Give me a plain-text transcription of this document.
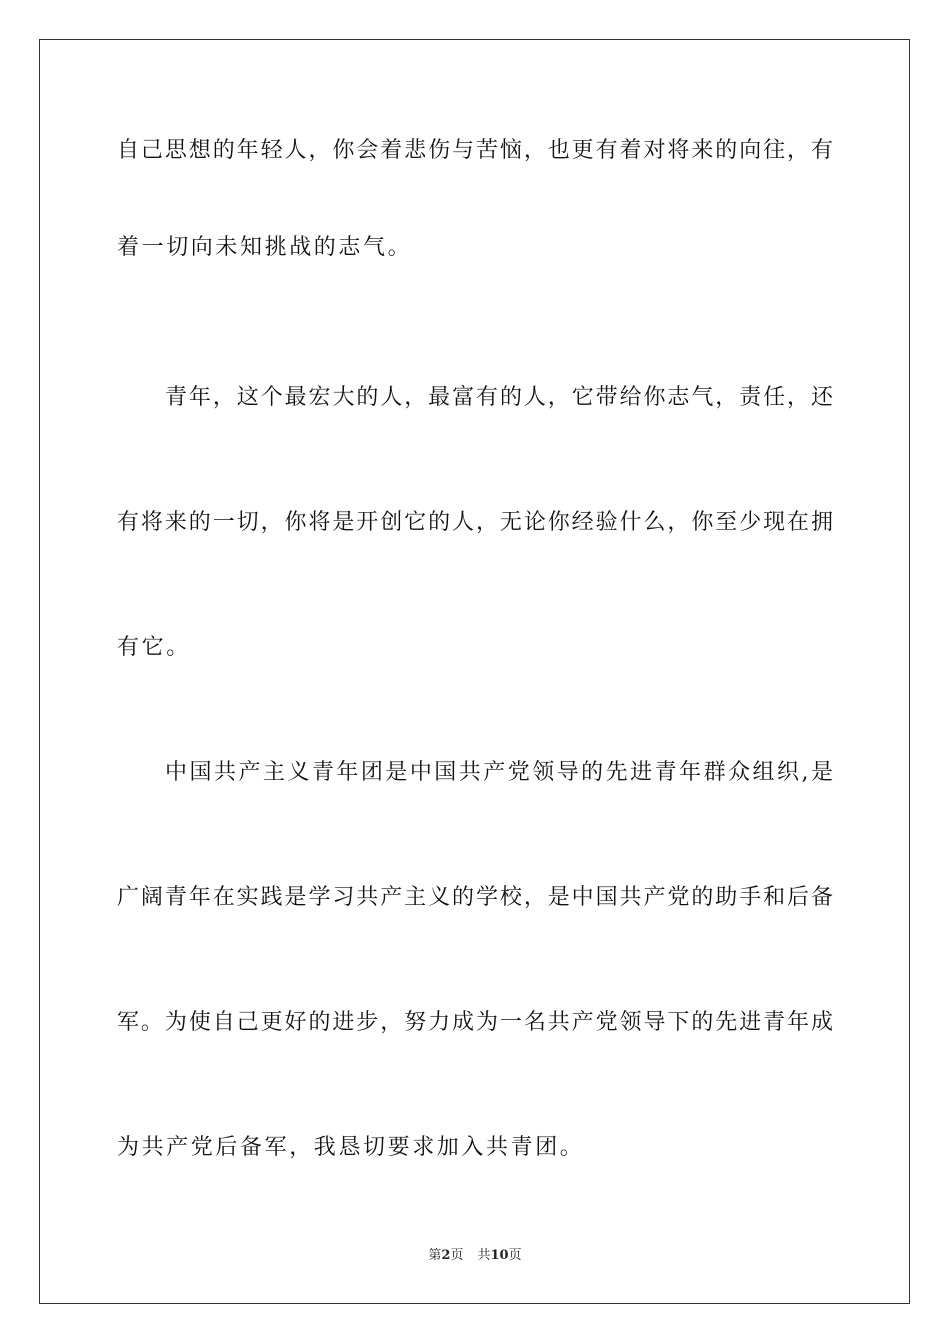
自己思想的年轻人，你会着悲伤与苦恼，也更有着对将来的向往，有
着一切向未知挑战的志气。
青年，这个最宏大的人，最富有的人，它带给你志气，责任，还
有将来的一切，你将是开创它的人，无论你经验什么，你至少现在拥
有它。
中国共产主义青年团是中国共产党领导的先进青年群众组织,是
广阔青年在实践是学习共产主义的学校，是中国共产党的助手和后备
军。为使自己更好的进步，努力成为一名共产党领导下的先进青年成
为共产党后备军，我恳切要求加入共青团。
第2页 共10页
